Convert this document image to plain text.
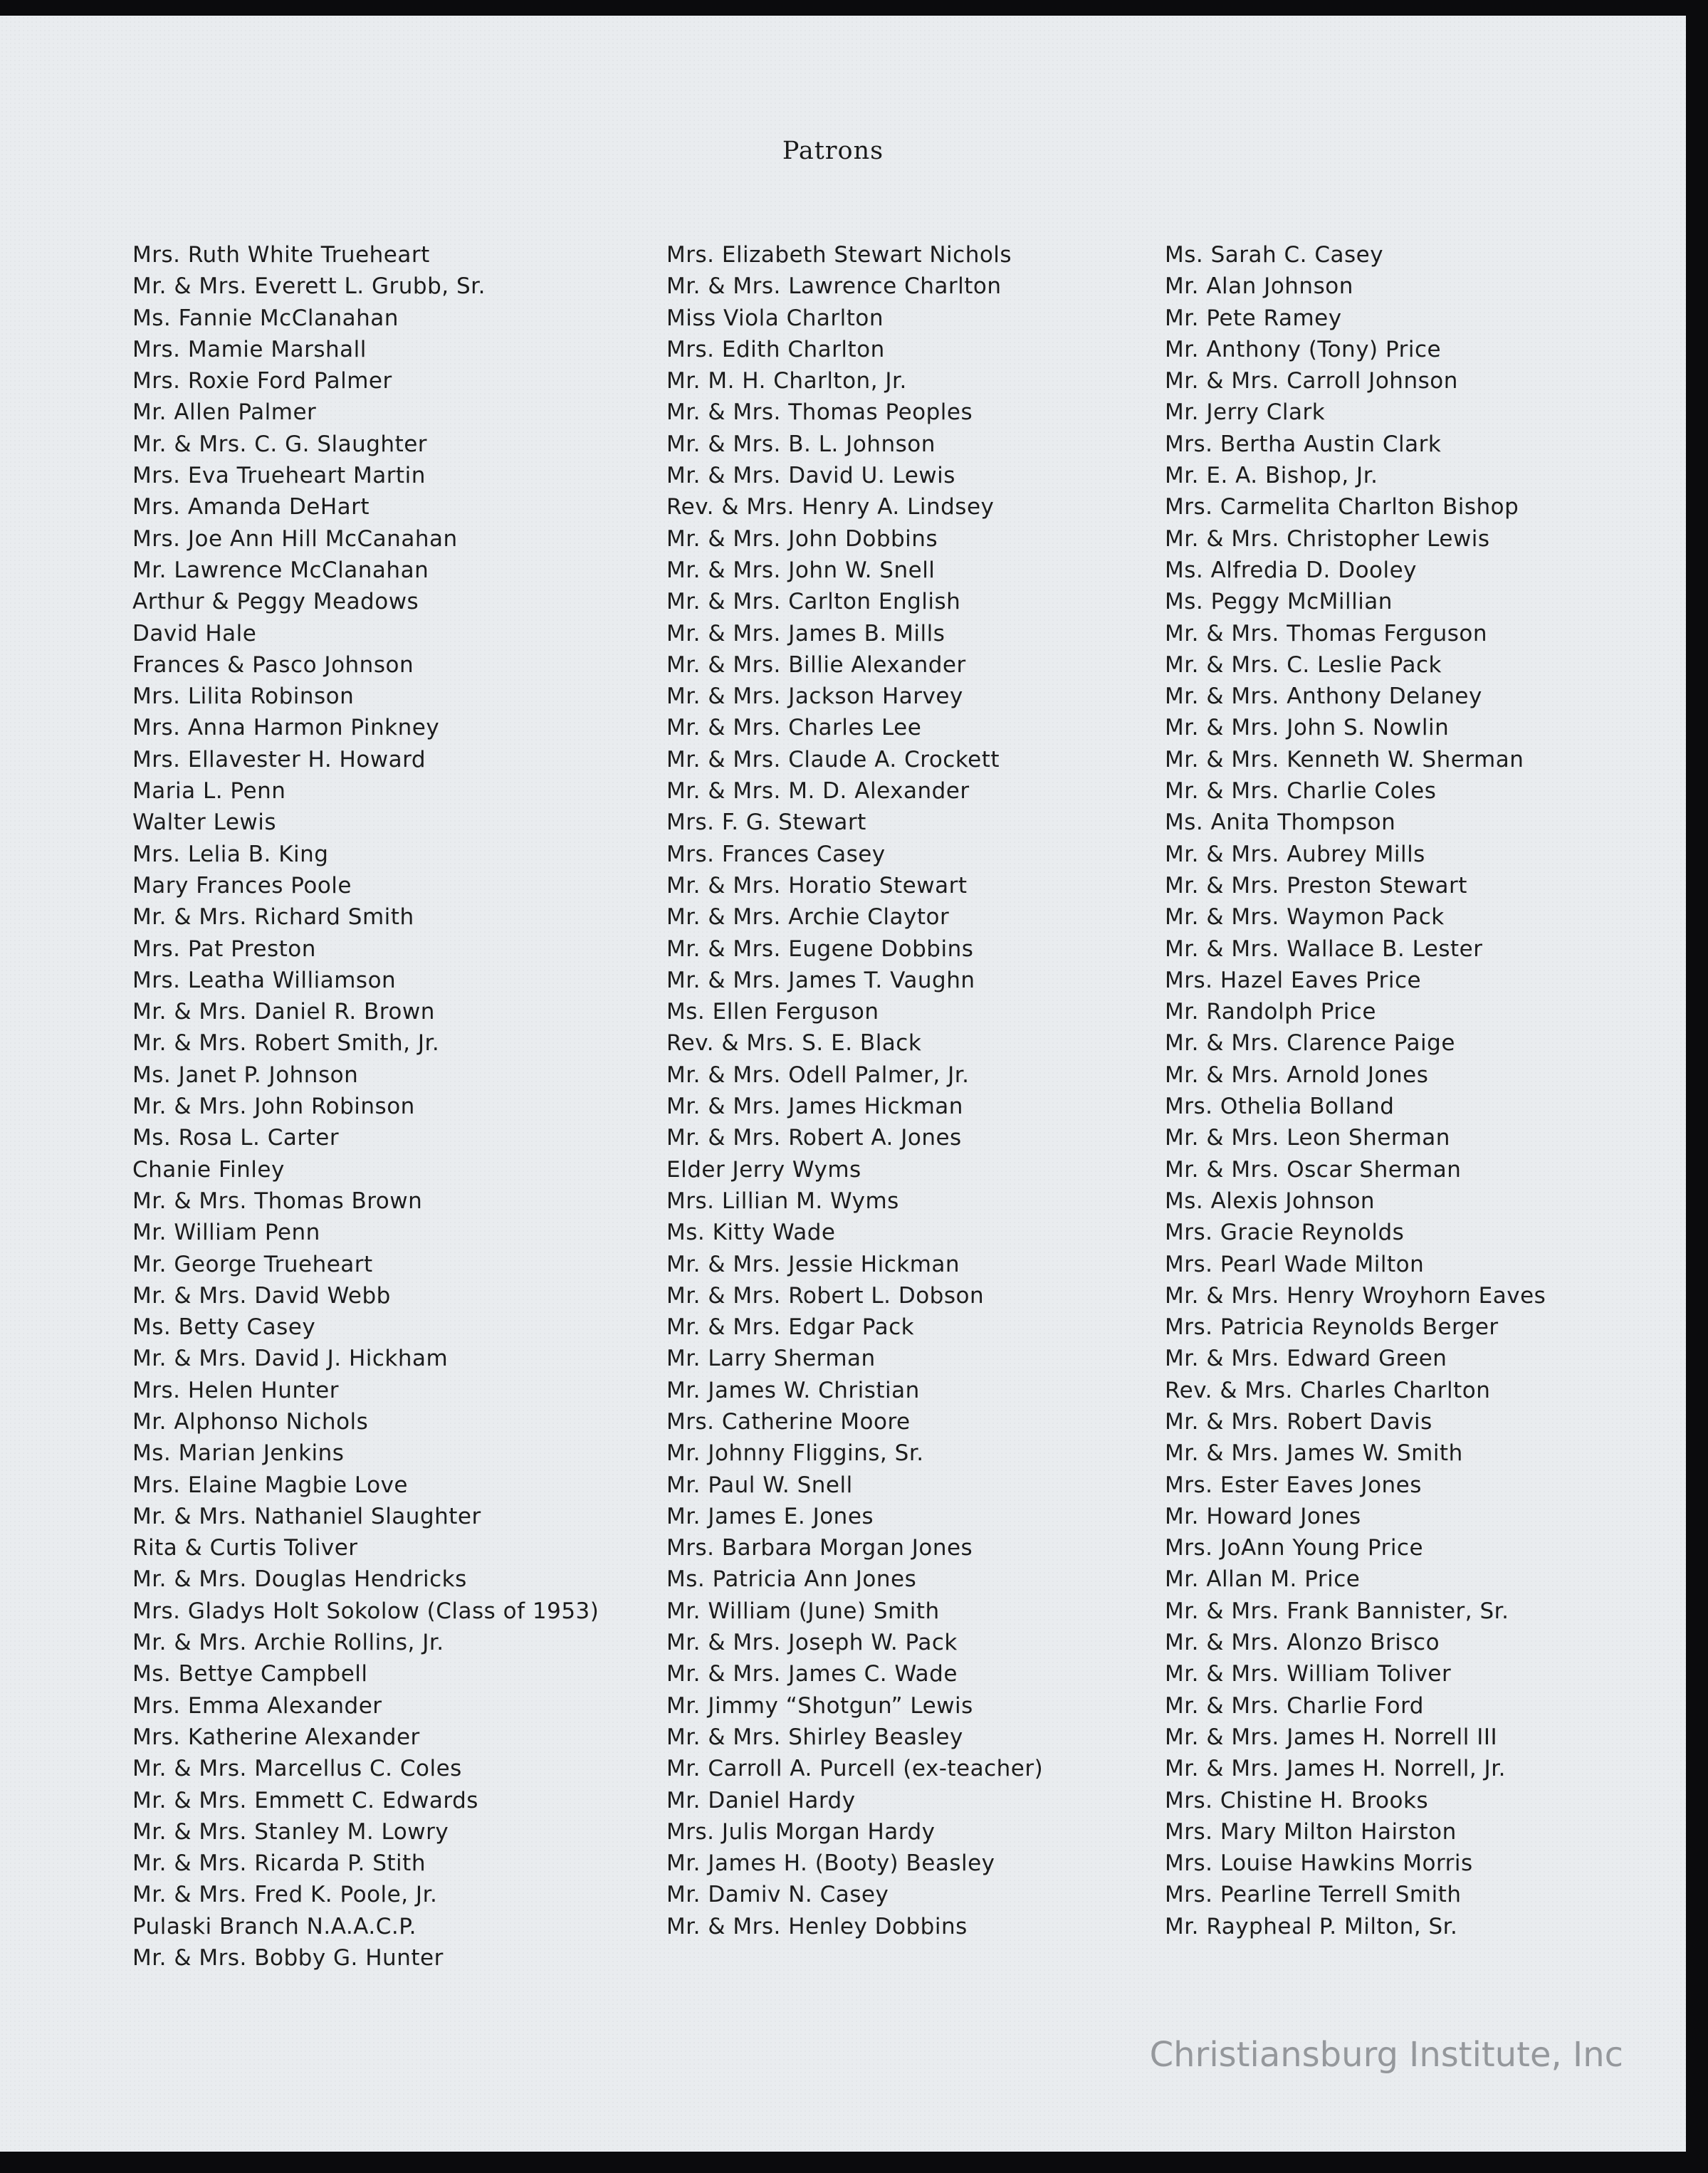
Patrons
Mrs. Ruth White Trueheart
Mr. & Mrs. Everett L. Grubb, Sr.
Ms. Fannie McClanahan
Mrs. Mamie Marshall
Mrs. Roxie Ford Palmer
Mr. Allen Palmer
Mr. & Mrs. C. G. Slaughter
Mrs. Eva Trueheart Martin
Mrs. Amanda DeHart
Mrs. Joe Ann Hill McCanahan
Mr. Lawrence McClanahan
Arthur & Peggy Meadows
David Hale
Frances & Pasco Johnson
Mrs. Lilita Robinson
Mrs. Anna Harmon Pinkney
Mrs. Ellavester H. Howard
Maria L. Penn
Walter Lewis
Mrs. Lelia B. King
Mary Frances Poole
Mr. & Mrs. Richard Smith
Mrs. Pat Preston
Mrs. Leatha Williamson
Mr. & Mrs. Daniel R. Brown
Mr. & Mrs. Robert Smith, Jr.
Ms. Janet P. Johnson
Mr. & Mrs. John Robinson
Ms. Rosa L. Carter
Chanie Finley
Mr. & Mrs. Thomas Brown
Mr. William Penn
Mr. George Trueheart
Mr. & Mrs. David Webb
Ms. Betty Casey
Mr. & Mrs. David J. Hickham
Mrs. Helen Hunter
Mr. Alphonso Nichols
Ms. Marian Jenkins
Mrs. Elaine Magbie Love
Mr. & Mrs. Nathaniel Slaughter
Rita & Curtis Toliver
Mr. & Mrs. Douglas Hendricks
Mrs. Gladys Holt Sokolow (Class of 1953)
Mr. & Mrs. Archie Rollins, Jr.
Ms. Bettye Campbell
Mrs. Emma Alexander
Mrs. Katherine Alexander
Mr. & Mrs. Marcellus C. Coles
Mr. & Mrs. Emmett C. Edwards
Mr. & Mrs. Stanley M. Lowry
Mr. & Mrs. Ricarda P. Stith
Mr. & Mrs. Fred K. Poole, Jr.
Pulaski Branch N.A.A.C.P.
Mr. & Mrs. Bobby G. Hunter
Mrs. Elizabeth Stewart Nichols
Mr. & Mrs. Lawrence Charlton
Miss Viola Charlton
Mrs. Edith Charlton
Mr. M. H. Charlton, Jr.
Mr. & Mrs. Thomas Peoples
Mr. & Mrs. B. L. Johnson
Mr. & Mrs. David U. Lewis
Rev. & Mrs. Henry A. Lindsey
Mr. & Mrs. John Dobbins
Mr. & Mrs. John W. Snell
Mr. & Mrs. Carlton English
Mr. & Mrs. James B. Mills
Mr. & Mrs. Billie Alexander
Mr. & Mrs. Jackson Harvey
Mr. & Mrs. Charles Lee
Mr. & Mrs. Claude A. Crockett
Mr. & Mrs. M. D. Alexander
Mrs. F. G. Stewart
Mrs. Frances Casey
Mr. & Mrs. Horatio Stewart
Mr. & Mrs. Archie Claytor
Mr. & Mrs. Eugene Dobbins
Mr. & Mrs. James T. Vaughn
Ms. Ellen Ferguson
Rev. & Mrs. S. E. Black
Mr. & Mrs. Odell Palmer, Jr.
Mr. & Mrs. James Hickman
Mr. & Mrs. Robert A. Jones
Elder Jerry Wyms
Mrs. Lillian M. Wyms
Ms. Kitty Wade
Mr. & Mrs. Jessie Hickman
Mr. & Mrs. Robert L. Dobson
Mr. & Mrs. Edgar Pack
Mr. Larry Sherman
Mr. James W. Christian
Mrs. Catherine Moore
Mr. Johnny Fliggins, Sr.
Mr. Paul W. Snell
Mr. James E. Jones
Mrs. Barbara Morgan Jones
Ms. Patricia Ann Jones
Mr. William (June) Smith
Mr. & Mrs. Joseph W. Pack
Mr. & Mrs. James C. Wade
Mr. Jimmy “Shotgun” Lewis
Mr. & Mrs. Shirley Beasley
Mr. Carroll A. Purcell (ex-teacher)
Mr. Daniel Hardy
Mrs. Julis Morgan Hardy
Mr. James H. (Booty) Beasley
Mr. Damiv N. Casey
Mr. & Mrs. Henley Dobbins
Ms. Sarah C. Casey
Mr. Alan Johnson
Mr. Pete Ramey
Mr. Anthony (Tony) Price
Mr. & Mrs. Carroll Johnson
Mr. Jerry Clark
Mrs. Bertha Austin Clark
Mr. E. A. Bishop, Jr.
Mrs. Carmelita Charlton Bishop
Mr. & Mrs. Christopher Lewis
Ms. Alfredia D. Dooley
Ms. Peggy McMillian
Mr. & Mrs. Thomas Ferguson
Mr. & Mrs. C. Leslie Pack
Mr. & Mrs. Anthony Delaney
Mr. & Mrs. John S. Nowlin
Mr. & Mrs. Kenneth W. Sherman
Mr. & Mrs. Charlie Coles
Ms. Anita Thompson
Mr. & Mrs. Aubrey Mills
Mr. & Mrs. Preston Stewart
Mr. & Mrs. Waymon Pack
Mr. & Mrs. Wallace B. Lester
Mrs. Hazel Eaves Price
Mr. Randolph Price
Mr. & Mrs. Clarence Paige
Mr. & Mrs. Arnold Jones
Mrs. Othelia Bolland
Mr. & Mrs. Leon Sherman
Mr. & Mrs. Oscar Sherman
Ms. Alexis Johnson
Mrs. Gracie Reynolds
Mrs. Pearl Wade Milton
Mr. & Mrs. Henry Wroyhorn Eaves
Mrs. Patricia Reynolds Berger
Mr. & Mrs. Edward Green
Rev. & Mrs. Charles Charlton
Mr. & Mrs. Robert Davis
Mr. & Mrs. James W. Smith
Mrs. Ester Eaves Jones
Mr. Howard Jones
Mrs. JoAnn Young Price
Mr. Allan M. Price
Mr. & Mrs. Frank Bannister, Sr.
Mr. & Mrs. Alonzo Brisco
Mr. & Mrs. William Toliver
Mr. & Mrs. Charlie Ford
Mr. & Mrs. James H. Norrell III
Mr. & Mrs. James H. Norrell, Jr.
Mrs. Chistine H. Brooks
Mrs. Mary Milton Hairston
Mrs. Louise Hawkins Morris
Mrs. Pearline Terrell Smith
Mr. Raypheal P. Milton, Sr.
Christiansburg Institute, Inc
